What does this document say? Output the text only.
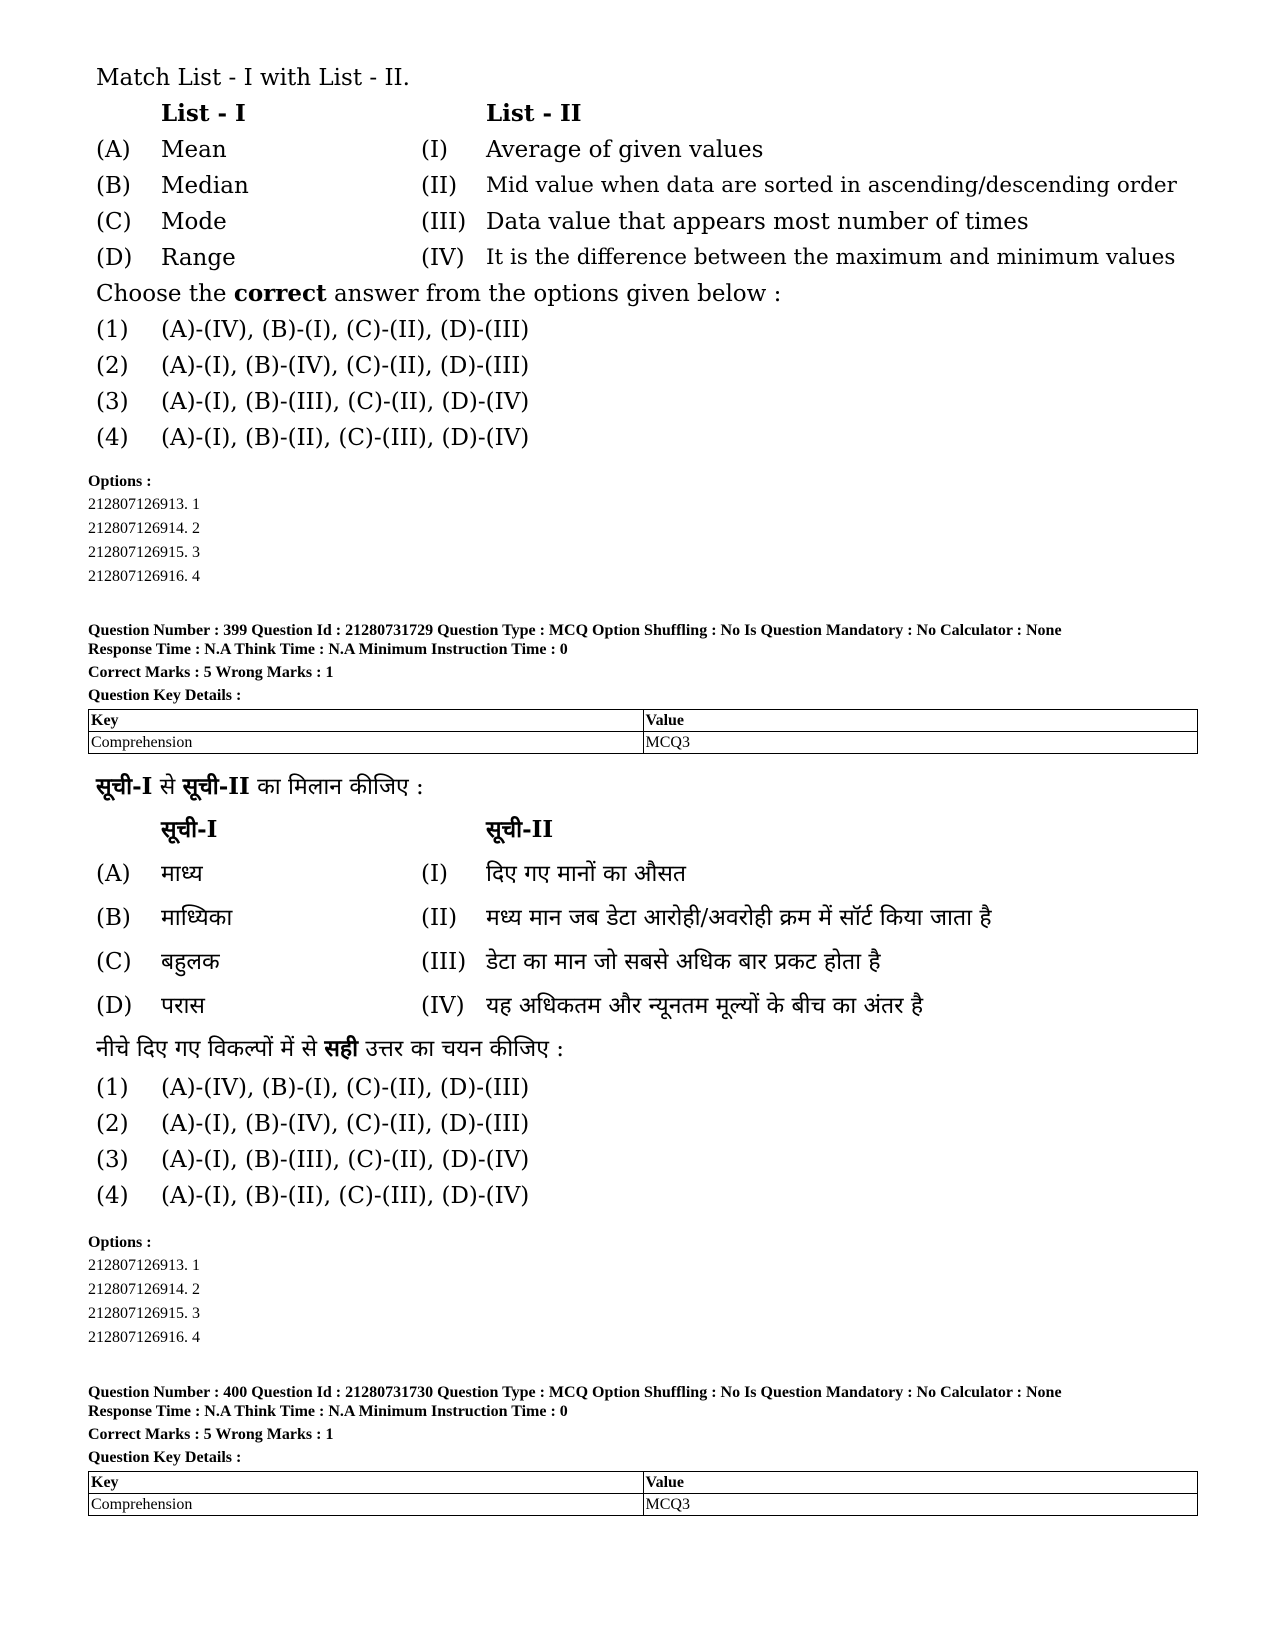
Match List - I with List - II.
List - I	List - II
(A) Mean	(I) Average of given values
(B) Median	(II) Mid value when data are sorted in ascending/descending order
(C) Mode	(III) Data value that appears most number of times
(D) Range	(IV) It is the difference between the maximum and minimum values
Choose the correct answer from the options given below :
(1) (A)-(IV), (B)-(I), (C)-(II), (D)-(III)
(2) (A)-(I), (B)-(IV), (C)-(II), (D)-(III)
(3) (A)-(I), (B)-(III), (C)-(II), (D)-(IV)
(4) (A)-(I), (B)-(II), (C)-(III), (D)-(IV)
Options :
212807126913. 1
212807126914. 2
212807126915. 3
212807126916. 4
Question Number : 399 Question Id : 21280731729 Question Type : MCQ Option Shuffling : No Is Question Mandatory : No Calculator : None
Response Time : N.A Think Time : N.A Minimum Instruction Time : 0
Correct Marks : 5 Wrong Marks : 1
Question Key Details :
Key	Value
Comprehension	MCQ3
सूची-I से सूची-II का मिलान कीजिए :
सूची-I	सूची-II
(A) माध्य	(I) दिए गए मानों का औसत
(B) माध्यिका	(II) मध्य मान जब डेटा आरोही/अवरोही क्रम में सॉर्ट किया जाता है
(C) बहुलक	(III) डेटा का मान जो सबसे अधिक बार प्रकट होता है
(D) परास	(IV) यह अधिकतम और न्यूनतम मूल्यों के बीच का अंतर है
नीचे दिए गए विकल्पों में से सही उत्तर का चयन कीजिए :
(1) (A)-(IV), (B)-(I), (C)-(II), (D)-(III)
(2) (A)-(I), (B)-(IV), (C)-(II), (D)-(III)
(3) (A)-(I), (B)-(III), (C)-(II), (D)-(IV)
(4) (A)-(I), (B)-(II), (C)-(III), (D)-(IV)
Options :
212807126913. 1
212807126914. 2
212807126915. 3
212807126916. 4
Question Number : 400 Question Id : 21280731730 Question Type : MCQ Option Shuffling : No Is Question Mandatory : No Calculator : None
Response Time : N.A Think Time : N.A Minimum Instruction Time : 0
Correct Marks : 5 Wrong Marks : 1
Question Key Details :
Key	Value
Comprehension	MCQ3
